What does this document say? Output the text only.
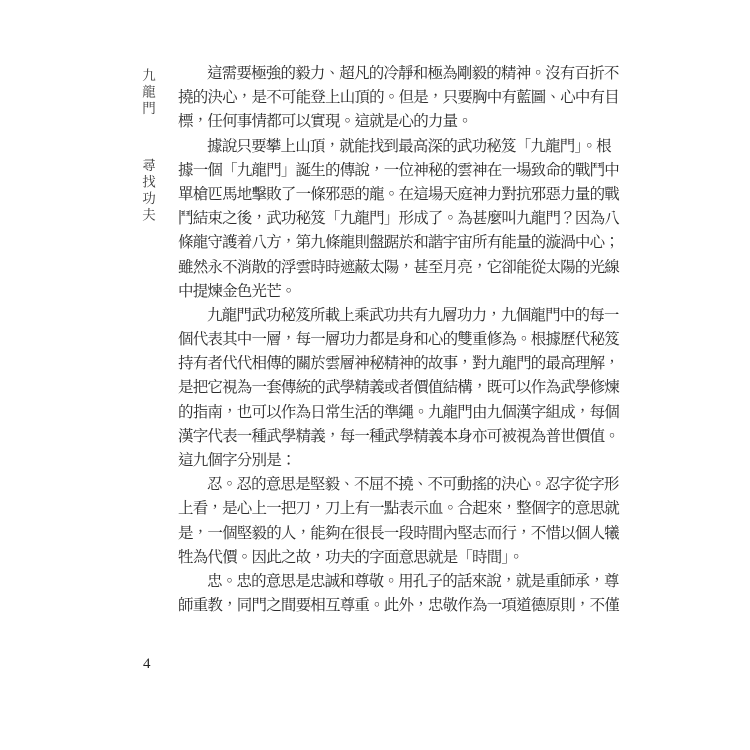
九龍門 尋找功夫
這需要極強的毅力、超凡的冷靜和極為剛毅的精神。沒有百折不
撓的決心，是不可能登上山頂的。但是，只要胸中有藍圖、心中有目
標，任何事情都可以實現。這就是心的力量。
據說只要攀上山頂，就能找到最高深的武功秘笈「九龍門」。根
據一個「九龍門」誕生的傳說，一位神秘的雲神在一場致命的戰鬥中
單槍匹馬地擊敗了一條邪惡的龍。在這場天庭神力對抗邪惡力量的戰
鬥結束之後，武功秘笈「九龍門」形成了。為甚麼叫九龍門？因為八
條龍守護着八方，第九條龍則盤踞於和諧宇宙所有能量的漩渦中心；
雖然永不消散的浮雲時時遮蔽太陽，甚至月亮，它卻能從太陽的光線
中提煉金色光芒。
九龍門武功秘笈所載上乘武功共有九層功力，九個龍門中的每一
個代表其中一層，每一層功力都是身和心的雙重修為。根據歷代秘笈
持有者代代相傳的關於雲層神秘精神的故事，對九龍門的最高理解，
是把它視為一套傳統的武學精義或者價值結構，既可以作為武學修煉
的指南，也可以作為日常生活的準繩。九龍門由九個漢字組成，每個
漢字代表一種武學精義，每一種武學精義本身亦可被視為普世價值。
這九個字分別是：
忍。忍的意思是堅毅、不屈不撓、不可動搖的決心。忍字從字形
上看，是心上一把刀，刀上有一點表示血。合起來，整個字的意思就
是，一個堅毅的人，能夠在很長一段時間內堅志而行，不惜以個人犧
牲為代價。因此之故，功夫的字面意思就是「時間」。
忠。忠的意思是忠誠和尊敬。用孔子的話來說，就是重師承，尊
師重教，同門之間要相互尊重。此外，忠敬作為一項道德原則，不僅
4
